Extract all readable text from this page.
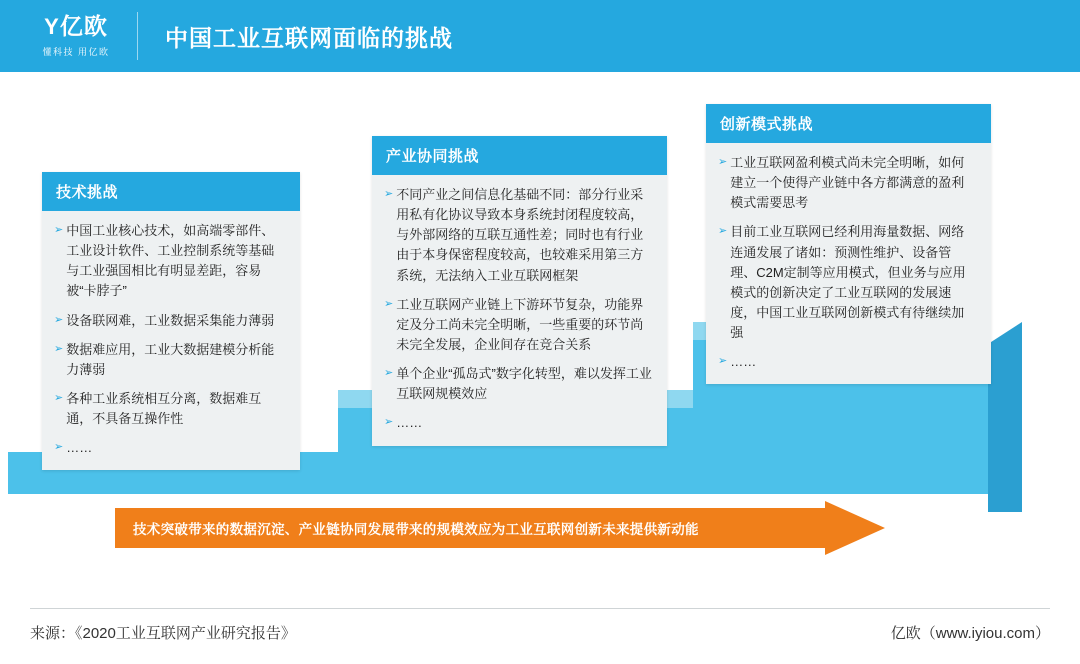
Y 亿欧
懂科技 用亿欧
中国工业互联网面临的挑战
技术挑战
➢ 中国工业核心技术，如高端零部件、工业设计软件、工业控制系统等基础与工业强国相比有明显差距，容易被“卡脖子”
➢ 设备联网难，工业数据采集能力薄弱
➢ 数据难应用，工业大数据建模分析能力薄弱
➢ 各种工业系统相互分离，数据难互通，不具备互操作性
➢ ……
产业协同挑战
➢ 不同产业之间信息化基础不同：部分行业采用私有化协议导致本身系统封闭程度较高，与外部网络的互联互通性差；同时也有行业由于本身保密程度较高，也较难采用第三方系统，无法纳入工业互联网框架
➢ 工业互联网产业链上下游环节复杂，功能界定及分工尚未完全明晰，一些重要的环节尚未完全发展，企业间存在竞合关系
➢ 单个企业“孤岛式”数字化转型，难以发挥工业互联网规模效应
➢ ……
创新模式挑战
➢ 工业互联网盈利模式尚未完全明晰，如何建立一个使得产业链中各方都满意的盈利模式需要思考
➢ 目前工业互联网已经利用海量数据、网络连通发展了诸如：预测性维护、设备管理、C2M定制等应用模式，但业务与应用模式的创新决定了工业互联网的发展速度，中国工业互联网创新模式有待继续加强
➢ ……
技术突破带来的数据沉淀、产业链协同发展带来的规模效应为工业互联网创新未来提供新动能
来源：《2020工业互联网产业研究报告》	亿欧（www.iyiou.com）
